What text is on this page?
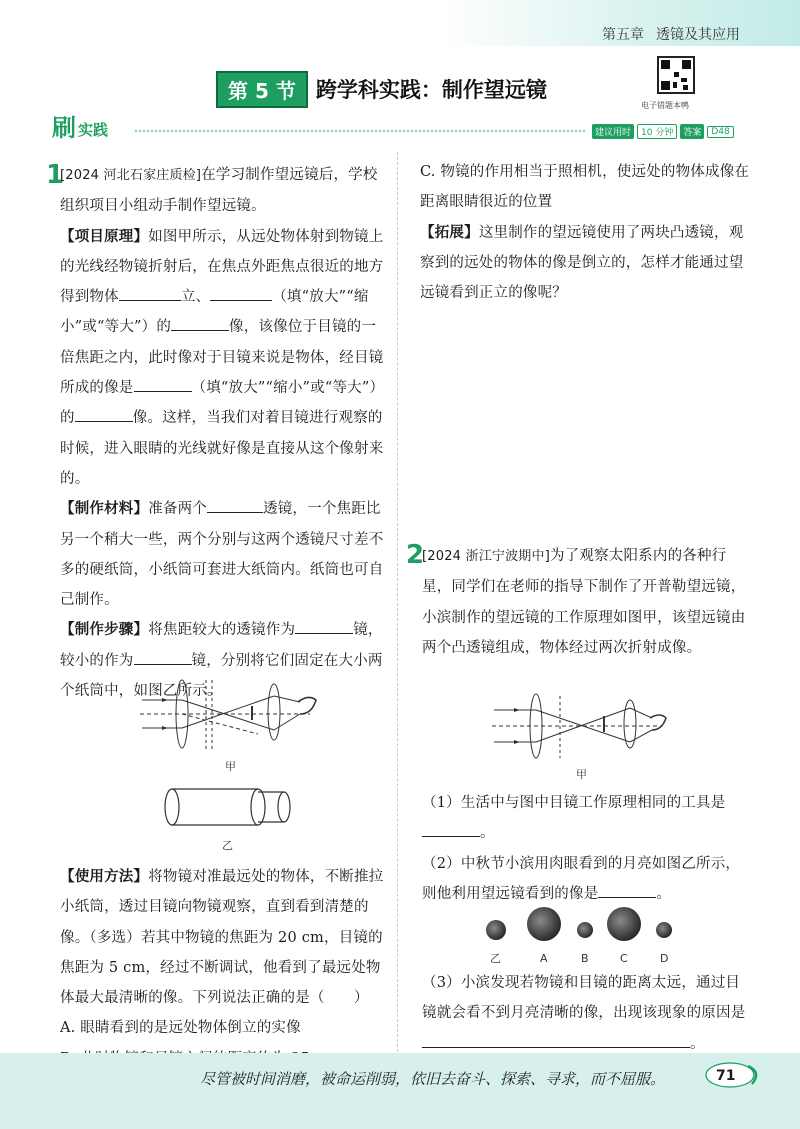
第五章 透镜及其应用
第 5 节 跨学科实践：制作望远镜
电子错题本鸭
刷 实践	建议用时	10 分钟	答案	D48
1

[2024 河北石家庄质检]在学习制作望远镜后，学校组织项目小组动手制作望远镜。

【项目原理】如图甲所示，从远处物体射到物镜上的光线经物镜折射后，在焦点外距焦点很近的地方得到物体	立、	（填“放大”“缩小”或“等大”）的	像，该像位于目镜的一倍焦距之内，此时像对于目镜来说是物体，经目镜所成的像是	（填“放大”“缩小”或“等大”）的	像。这样，当我们对着目镜进行观察的时候，进入眼睛的光线就好像是直接从这个像射来的。

【制作材料】准备两个	透镜，一个焦距比另一个稍大一些，两个分别与这两个透镜尺寸差不多的硬纸筒，小纸筒可套进大纸筒内。纸筒也可自己制作。

【制作步骤】将焦距较大的透镜作为	镜，较小的作为	镜，分别将它们固定在大小两个纸筒中，如图乙所示。

甲
乙

【使用方法】将物镜对准最远处的物体，不断推拉小纸筒，透过目镜向物镜观察，直到看到清楚的像。（多选）若其中物镜的焦距为 20 cm，目镜的焦距为 5 cm，经过不断调试，他看到了最远处物体最大最清晰的像。下列说法正确的是（　　）

A. 眼睛看到的是远处物体倒立的实像

C. 物镜的作用相当于照相机，使远处的物体成像在距离眼睛很近的位置

【拓展】这里制作的望远镜使用了两块凸透镜，观察到的远处的物体的像是倒立的，怎样才能通过望远镜看到正立的像呢？

2

[2024 浙江宁波期中]为了观察太阳系内的各种行星，同学们在老师的指导下制作了开普勒望远镜，小滨制作的望远镜的工作原理如图甲，该望远镜由两个凸透镜组成，物体经过两次折射成像。

甲

（1）生活中与图中目镜工作原理相同的工具是。

（2）中秋节小滨用肉眼看到的月亮如图乙所示，则他利用望远镜看到的像是	。

乙	A	B	C	D

（3）小滨发现若物镜和目镜的距离太远，通过目镜就会看不到月亮清晰的像，出现该现象的原因是。

尽管被时间消磨，被命运削弱，依旧去奋斗、探索、寻求，而不屈服。	71
